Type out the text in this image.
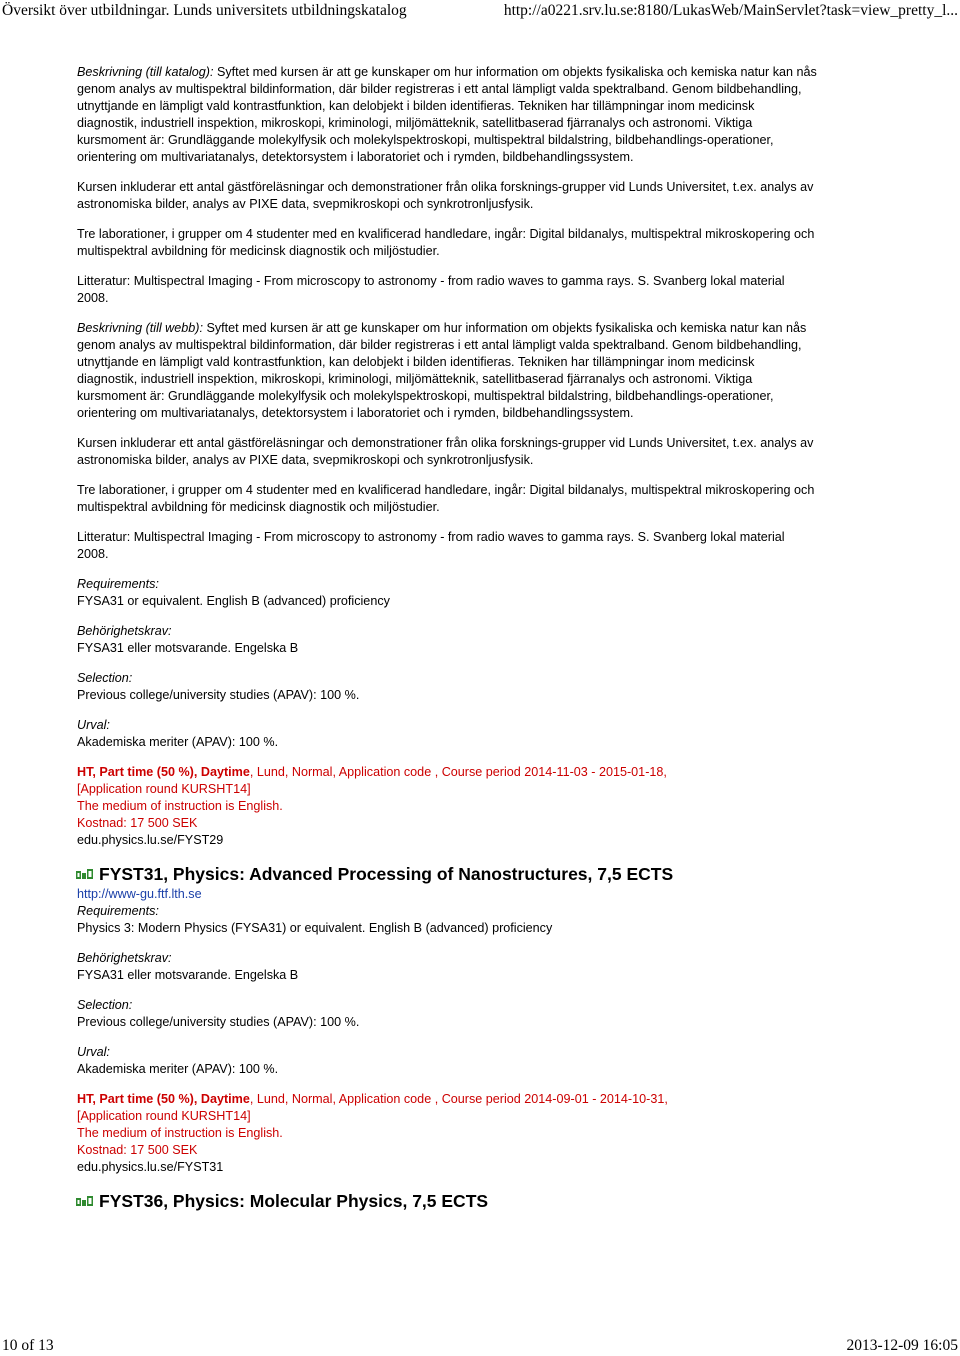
Översikt över utbildningar. Lunds universitets utbildningskatalog	http://a0221.srv.lu.se:8180/LukasWeb/MainServlet?task=view_pretty_l...
Beskrivning (till katalog): Syftet med kursen är att ge kunskaper om hur information om objekts fysikaliska och kemiska natur kan nås genom analys av multispektral bildinformation, där bilder registreras i ett antal lämpligt valda spektralband. Genom bildbehandling, utnyttjande en lämpligt vald kontrastfunktion, kan delobjekt i bilden identifieras. Tekniken har tillämpningar inom medicinsk diagnostik, industriell inspektion, mikroskopi, kriminologi, miljömätteknik, satellitbaserad fjärranalys och astronomi. Viktiga kursmoment är: Grundläggande molekylfysik och molekylspektroskopi, multispektral bildalstring, bildbehandlings-operationer, orientering om multivariatanalys, detektorsystem i laboratoriet och i rymden, bildbehandlingssystem.
Kursen inkluderar ett antal gästföreläsningar och demonstrationer från olika forsknings-grupper vid Lunds Universitet, t.ex. analys av astronomiska bilder, analys av PIXE data, svepmikroskopi och synkrotronljusfysik.
Tre laborationer, i grupper om 4 studenter med en kvalificerad handledare, ingår: Digital bildanalys, multispektral mikroskopering och multispektral avbildning för medicinsk diagnostik och miljöstudier.
Litteratur: Multispectral Imaging - From microscopy to astronomy - from radio waves to gamma rays. S. Svanberg lokal material 2008.
Beskrivning (till webb): Syftet med kursen är att ge kunskaper om hur information om objekts fysikaliska och kemiska natur kan nås genom analys av multispektral bildinformation, där bilder registreras i ett antal lämpligt valda spektralband. Genom bildbehandling, utnyttjande en lämpligt vald kontrastfunktion, kan delobjekt i bilden identifieras. Tekniken har tillämpningar inom medicinsk diagnostik, industriell inspektion, mikroskopi, kriminologi, miljömätteknik, satellitbaserad fjärranalys och astronomi. Viktiga kursmoment är: Grundläggande molekylfysik och molekylspektroskopi, multispektral bildalstring, bildbehandlings-operationer, orientering om multivariatanalys, detektorsystem i laboratoriet och i rymden, bildbehandlingssystem.
Kursen inkluderar ett antal gästföreläsningar och demonstrationer från olika forsknings-grupper vid Lunds Universitet, t.ex. analys av astronomiska bilder, analys av PIXE data, svepmikroskopi och synkrotronljusfysik.
Tre laborationer, i grupper om 4 studenter med en kvalificerad handledare, ingår: Digital bildanalys, multispektral mikroskopering och multispektral avbildning för medicinsk diagnostik och miljöstudier.
Litteratur: Multispectral Imaging - From microscopy to astronomy - from radio waves to gamma rays. S. Svanberg lokal material 2008.
Requirements:
FYSA31 or equivalent. English B (advanced) proficiency
Behörighetskrav:
FYSA31 eller motsvarande. Engelska B
Selection:
Previous college/university studies (APAV): 100 %.
Urval:
Akademiska meriter (APAV): 100 %.
HT, Part time (50 %), Daytime, Lund, Normal, Application code , Course period 2014-11-03 - 2015-01-18,
[Application round KURSHT14]
The medium of instruction is English.
Kostnad: 17 500 SEK
edu.physics.lu.se/FYST29
FYST31, Physics: Advanced Processing of Nanostructures, 7,5 ECTS
http://www-gu.ftf.lth.se
Requirements:
Physics 3: Modern Physics (FYSA31) or equivalent. English B (advanced) proficiency
Behörighetskrav:
FYSA31 eller motsvarande. Engelska B
Selection:
Previous college/university studies (APAV): 100 %.
Urval:
Akademiska meriter (APAV): 100 %.
HT, Part time (50 %), Daytime, Lund, Normal, Application code , Course period 2014-09-01 - 2014-10-31,
[Application round KURSHT14]
The medium of instruction is English.
Kostnad: 17 500 SEK
edu.physics.lu.se/FYST31
FYST36, Physics: Molecular Physics, 7,5 ECTS
10 of 13	2013-12-09 16:05
